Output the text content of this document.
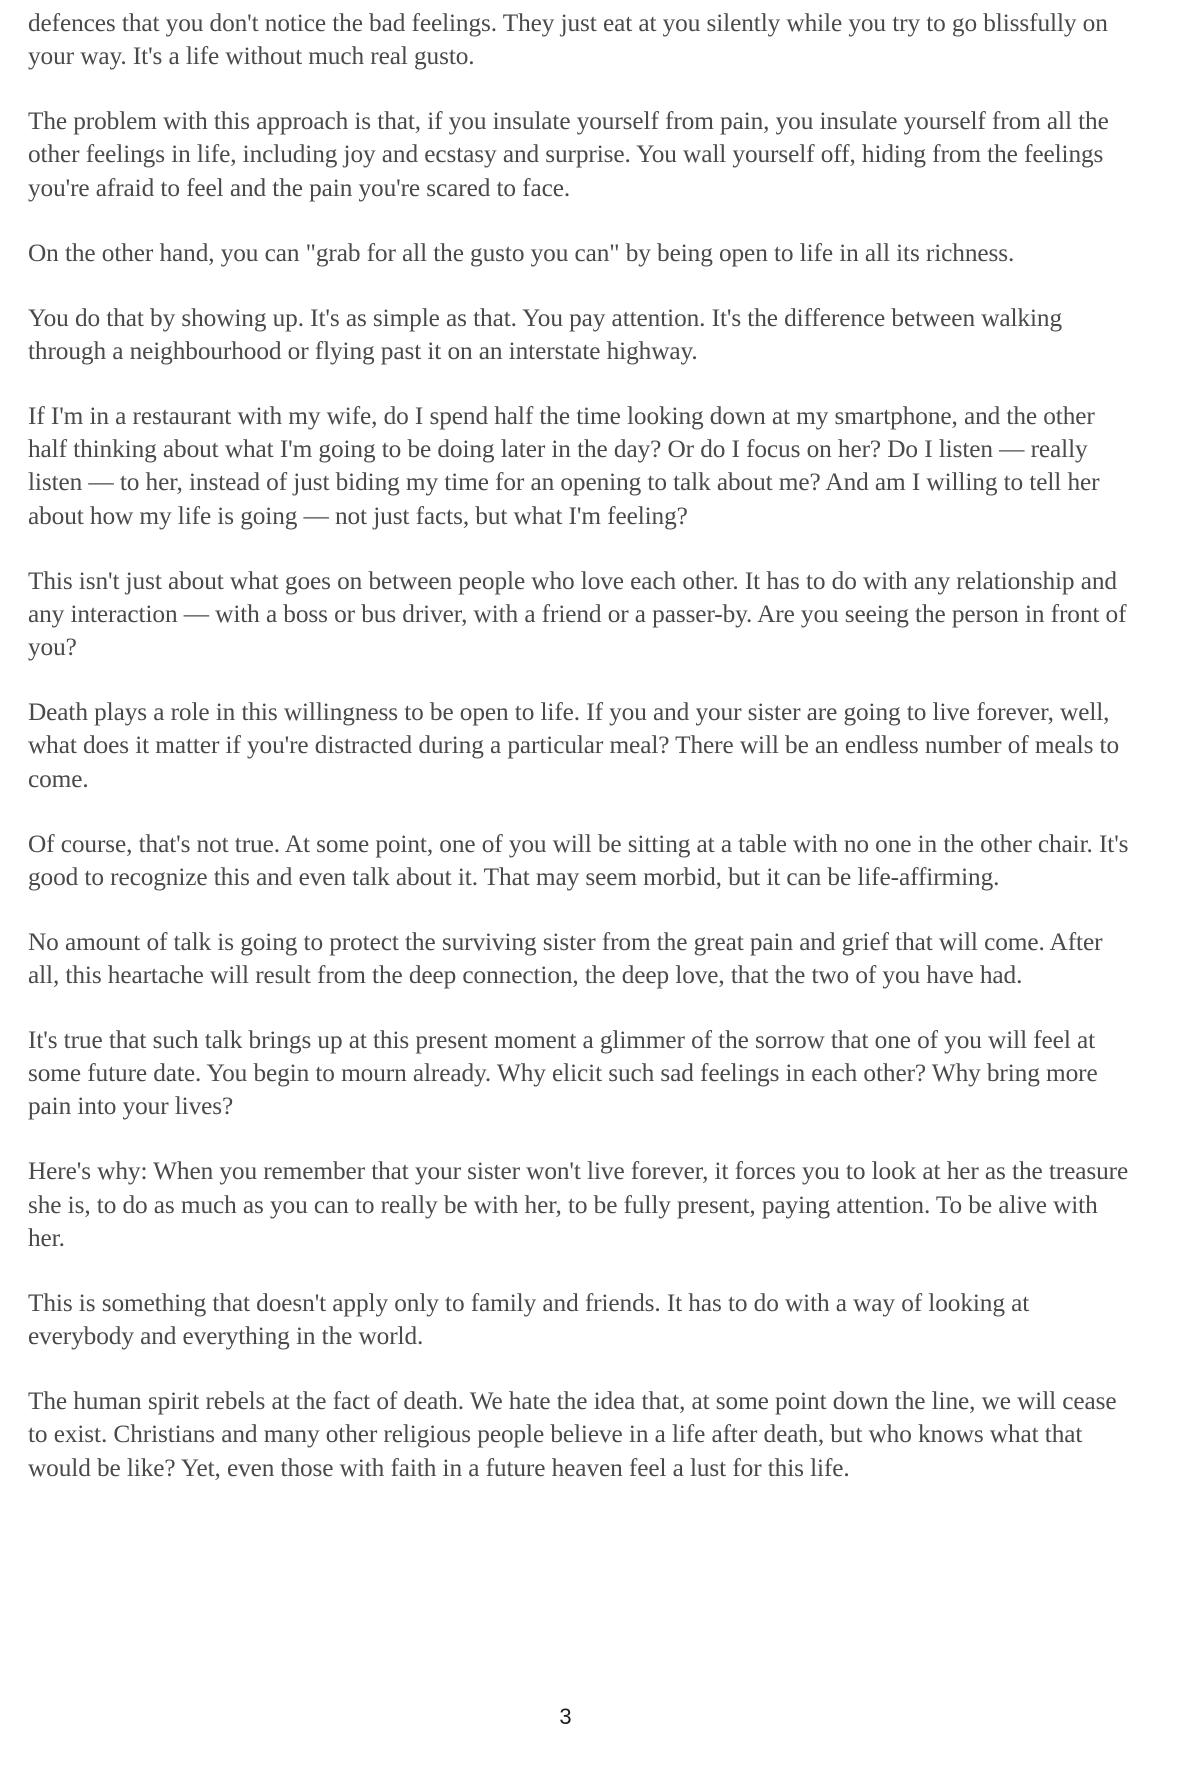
defences that you don't notice the bad feelings. They just eat at you silently while you try to go blissfully on your way. It's a life without much real gusto.

The problem with this approach is that, if you insulate yourself from pain, you insulate yourself from all the other feelings in life, including joy and ecstasy and surprise. You wall yourself off, hiding from the feelings you're afraid to feel and the pain you're scared to face.

On the other hand, you can "grab for all the gusto you can" by being open to life in all its richness.

You do that by showing up. It's as simple as that. You pay attention. It's the difference between walking through a neighbourhood or flying past it on an interstate highway.

If I'm in a restaurant with my wife, do I spend half the time looking down at my smartphone, and the other half thinking about what I'm going to be doing later in the day? Or do I focus on her? Do I listen — really listen — to her, instead of just biding my time for an opening to talk about me? And am I willing to tell her about how my life is going — not just facts, but what I'm feeling?

This isn't just about what goes on between people who love each other. It has to do with any relationship and any interaction — with a boss or bus driver, with a friend or a passer-by. Are you seeing the person in front of you?

Death plays a role in this willingness to be open to life. If you and your sister are going to live forever, well, what does it matter if you're distracted during a particular meal? There will be an endless number of meals to come.

Of course, that's not true. At some point, one of you will be sitting at a table with no one in the other chair. It's good to recognize this and even talk about it. That may seem morbid, but it can be life-affirming.

No amount of talk is going to protect the surviving sister from the great pain and grief that will come. After all, this heartache will result from the deep connection, the deep love, that the two of you have had.

It's true that such talk brings up at this present moment a glimmer of the sorrow that one of you will feel at some future date. You begin to mourn already. Why elicit such sad feelings in each other? Why bring more pain into your lives?

Here's why: When you remember that your sister won't live forever, it forces you to look at her as the treasure she is, to do as much as you can to really be with her, to be fully present, paying attention. To be alive with her.

This is something that doesn't apply only to family and friends. It has to do with a way of looking at everybody and everything in the world.

The human spirit rebels at the fact of death. We hate the idea that, at some point down the line, we will cease to exist. Christians and many other religious people believe in a life after death, but who knows what that would be like? Yet, even those with faith in a future heaven feel a lust for this life.

3
